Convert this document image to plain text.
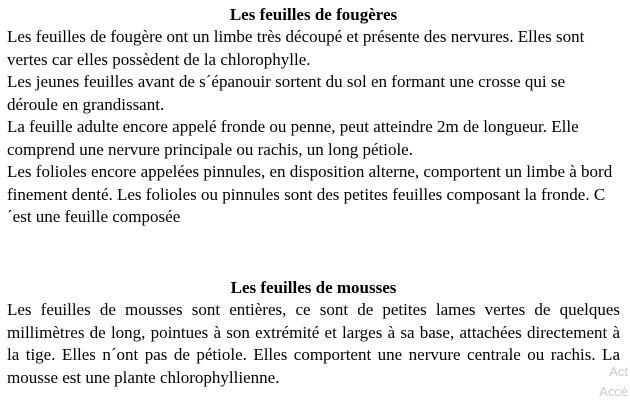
Les feuilles de fougères

Les feuilles de fougère ont un limbe très découpé et présente des nervures. Elles sont vertes car elles possèdent de la chlorophylle.

Les jeunes feuilles avant de s´épanouir sortent du sol en formant une crosse qui se déroule en grandissant.

La feuille adulte encore appelé fronde ou penne, peut atteindre 2m de longueur. Elle comprend une nervure principale ou rachis, un long pétiole.

Les folioles encore appelées pinnules, en disposition alterne, comportent un limbe à bord finement denté. Les folioles ou pinnules sont des petites feuilles composant la fronde. C´est une feuille composée

Les feuilles de mousses

Les feuilles de mousses sont entières, ce sont de petites lames vertes de quelques millimètres de long, pointues à son extrémité et larges à sa base, attachées directement à la tige. Elles n´ont pas de pétiole. Elles comportent une nervure centrale ou rachis. La mousse est une plante chlorophyllienne.	Act
Accé
